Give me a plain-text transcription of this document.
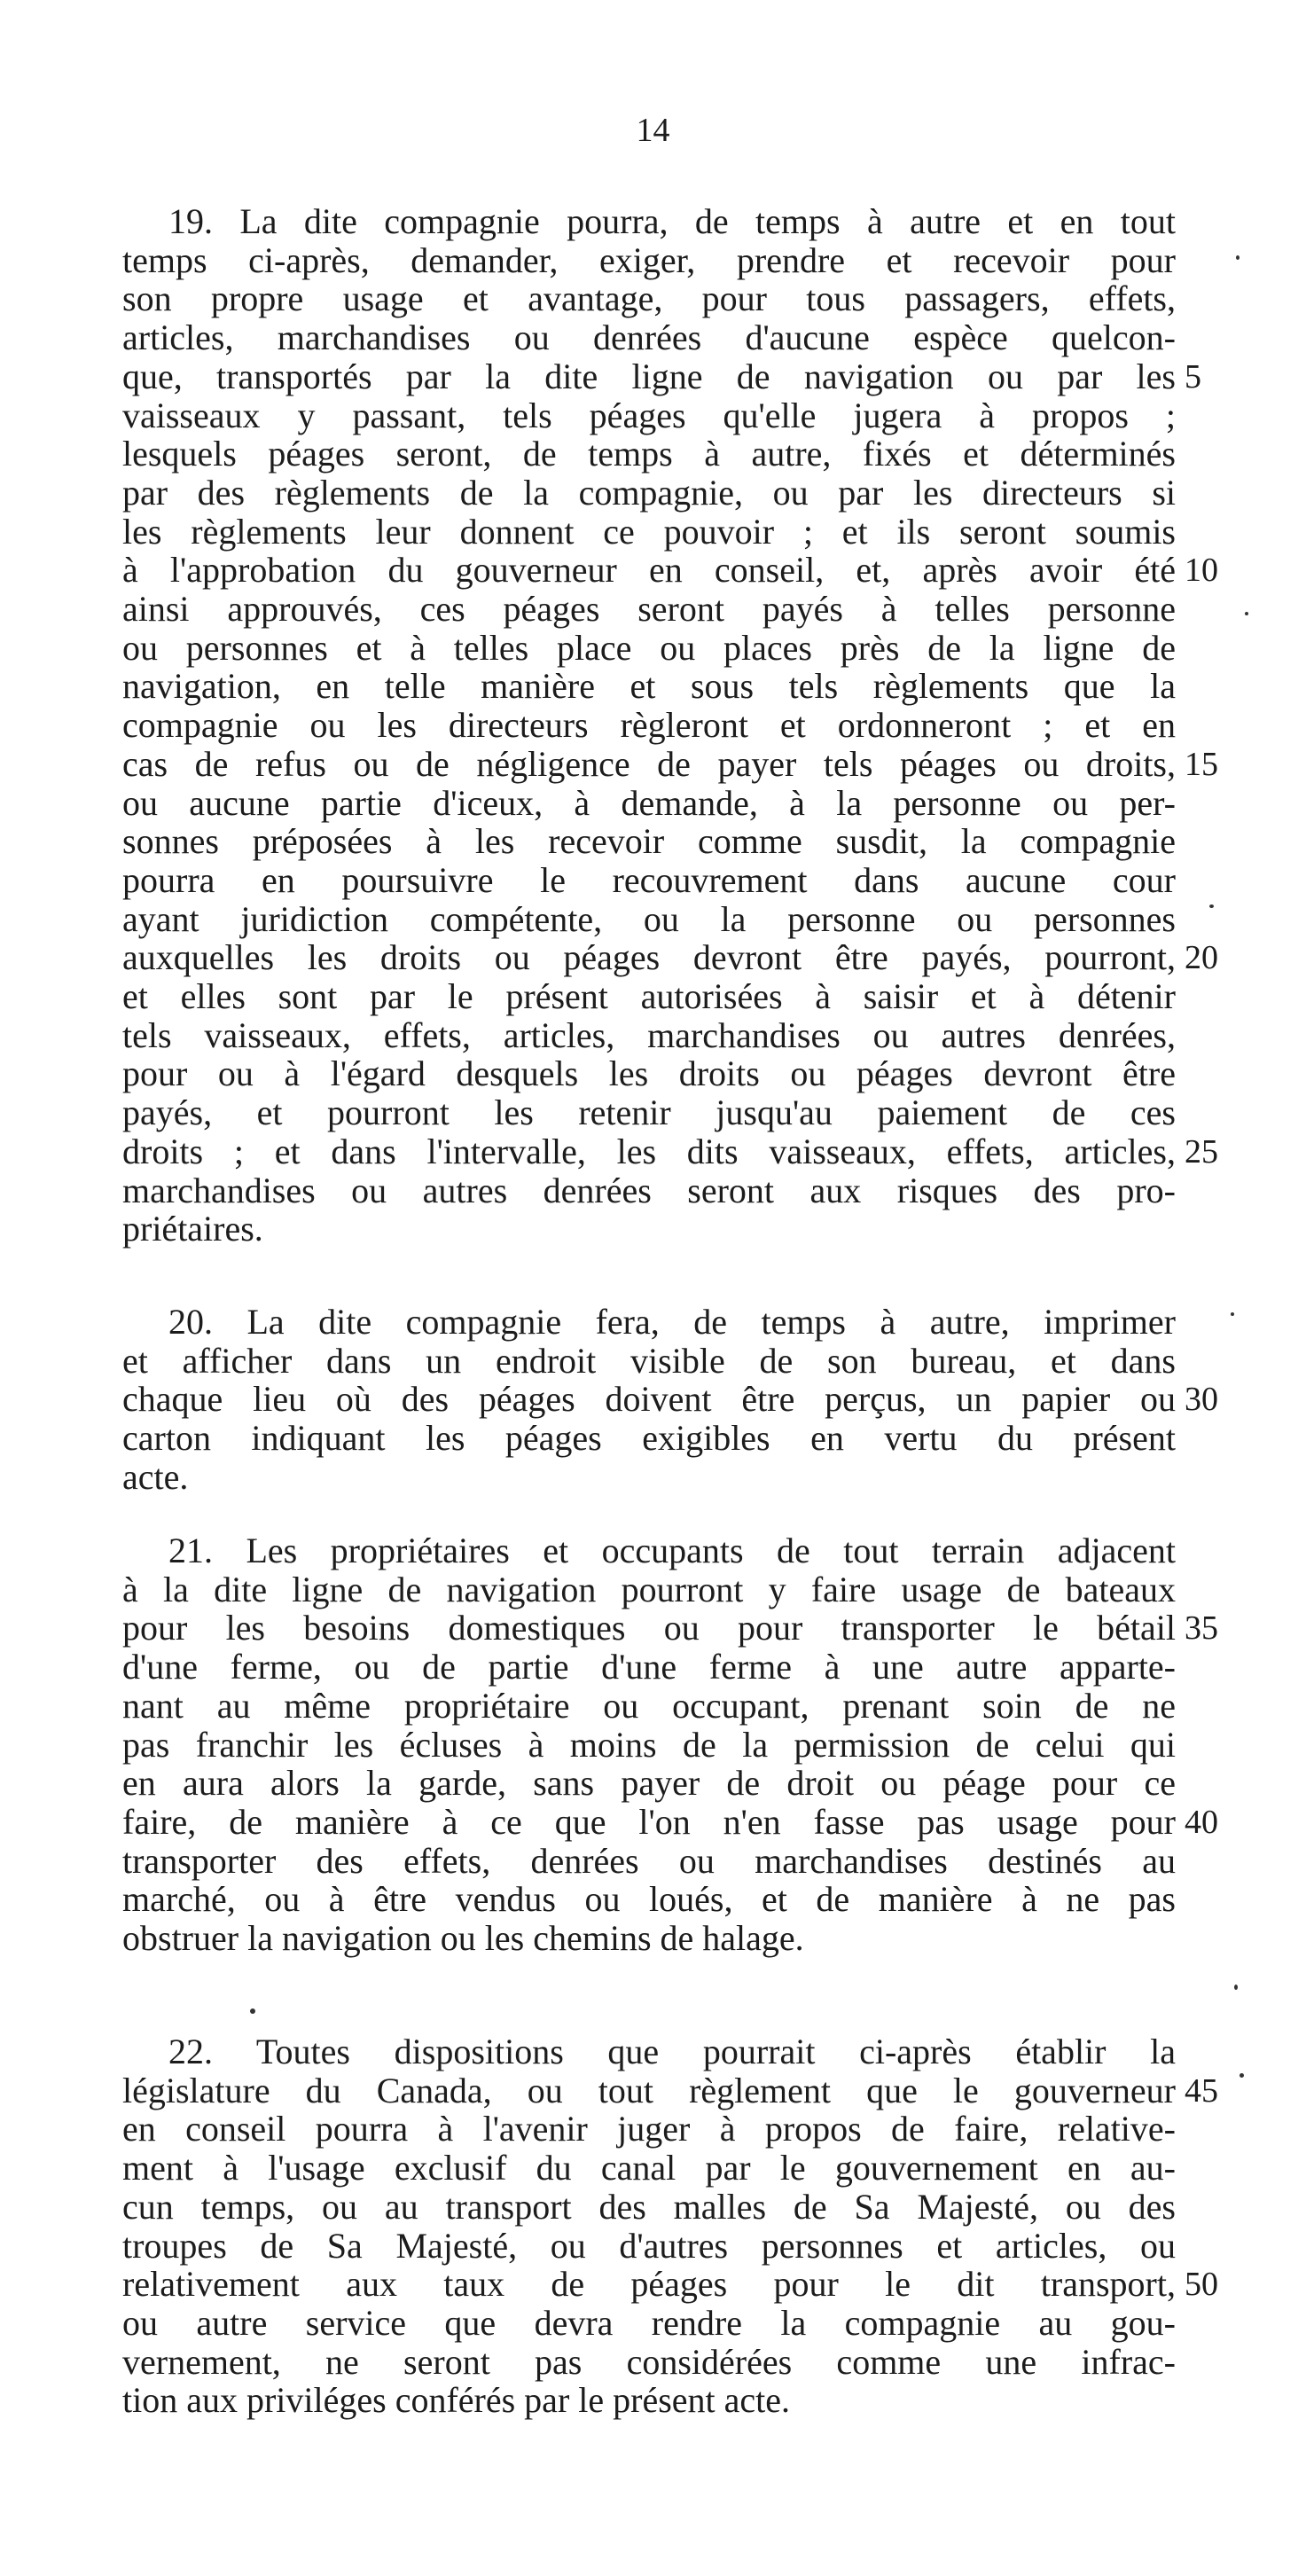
14
19. La dite compagnie pourra, de temps à autre et en tout
temps ci-après, demander, exiger, prendre et recevoir pour
son propre usage et avantage, pour tous passagers, effets,
articles, marchandises ou denrées d'aucune espèce quelcon-
que, transportés par la dite ligne de navigation ou par les
vaisseaux y passant, tels péages qu'elle jugera à propos ;
lesquels péages seront, de temps à autre, fixés et déterminés
par des règlements de la compagnie, ou par les directeurs si
les règlements leur donnent ce pouvoir ; et ils seront soumis
à l'approbation du gouverneur en conseil, et, après avoir été
ainsi approuvés, ces péages seront payés à telles personne
ou personnes et à telles place ou places près de la ligne de
navigation, en telle manière et sous tels règlements que la
compagnie ou les directeurs règleront et ordonneront ; et en
cas de refus ou de négligence de payer tels péages ou droits,
ou aucune partie d'iceux, à demande, à la personne ou per-
sonnes préposées à les recevoir comme susdit, la compagnie
pourra en poursuivre le recouvrement dans aucune cour
ayant juridiction compétente, ou la personne ou personnes
auxquelles les droits ou péages devront être payés, pourront,
et elles sont par le présent autorisées à saisir et à détenir
tels vaisseaux, effets, articles, marchandises ou autres denrées,
pour ou à l'égard desquels les droits ou péages devront être
payés, et pourront les retenir jusqu'au paiement de ces
droits ; et dans l'intervalle, les dits vaisseaux, effets, articles,
marchandises ou autres denrées seront aux risques des pro-
priétaires.
20. La dite compagnie fera, de temps à autre, imprimer
et afficher dans un endroit visible de son bureau, et dans
chaque lieu où des péages doivent être perçus, un papier ou
carton indiquant les péages exigibles en vertu du présent
acte.
21. Les propriétaires et occupants de tout terrain adjacent
à la dite ligne de navigation pourront y faire usage de bateaux
pour les besoins domestiques ou pour transporter le bétail
d'une ferme, ou de partie d'une ferme à une autre apparte-
nant au même propriétaire ou occupant, prenant soin de ne
pas franchir les écluses à moins de la permission de celui qui
en aura alors la garde, sans payer de droit ou péage pour ce
faire, de manière à ce que l'on n'en fasse pas usage pour
transporter des effets, denrées ou marchandises destinés au
marché, ou à être vendus ou loués, et de manière à ne pas
obstruer la navigation ou les chemins de halage.
22. Toutes dispositions que pourrait ci-après établir la
législature du Canada, ou tout règlement que le gouverneur
en conseil pourra à l'avenir juger à propos de faire, relative-
ment à l'usage exclusif du canal par le gouvernement en au-
cun temps, ou au transport des malles de Sa Majesté, ou des
troupes de Sa Majesté, ou d'autres personnes et articles, ou
relativement aux taux de péages pour le dit transport,
ou autre service que devra rendre la compagnie au gou-
vernement, ne seront pas considérées comme une infrac-
tion aux priviléges conférés par le présent acte.
5
10
15
20
25
30
35
40
45
50
